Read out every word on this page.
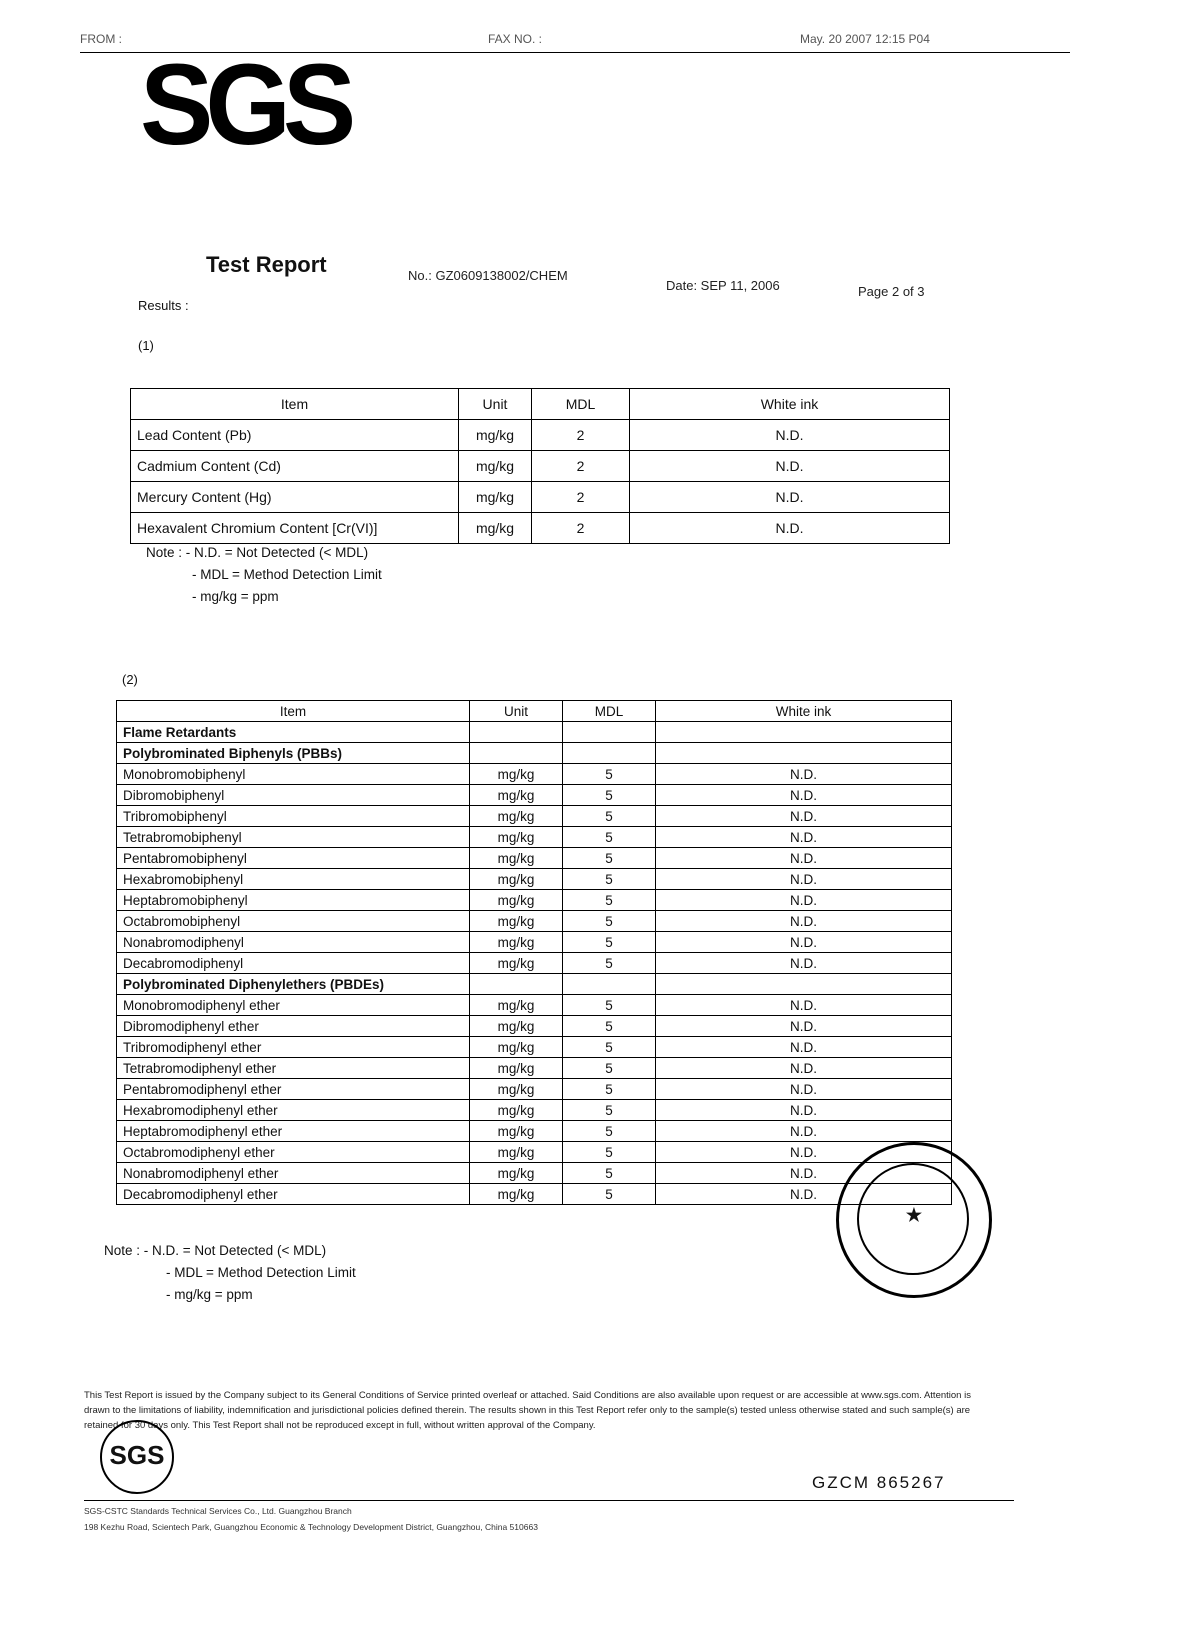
FROM :	FAX NO. :	May. 20 2007 12:15 P04
SGS
Test Report	No.: GZ0609138002/CHEM
Date: SEP 11, 2006	Page 2 of 3
Results :
(1)
Item	Unit	MDL	White ink
Lead Content (Pb)	mg/kg	2	N.D.
Cadmium Content (Cd)	mg/kg	2	N.D.
Mercury Content (Hg)	mg/kg	2	N.D.
Hexavalent Chromium Content [Cr(VI)]	mg/kg	2	N.D.
Note : - N.D. = Not Detected (< MDL)
- MDL = Method Detection Limit
- mg/kg = ppm
(2)
Item	Unit	MDL	White ink
Flame Retardants			
Polybrominated Biphenyls (PBBs)			
Monobromobiphenyl	mg/kg	5	N.D.
Dibromobiphenyl	mg/kg	5	N.D.
Tribromobiphenyl	mg/kg	5	N.D.
Tetrabromobiphenyl	mg/kg	5	N.D.
Pentabromobiphenyl	mg/kg	5	N.D.
Hexabromobiphenyl	mg/kg	5	N.D.
Heptabromobiphenyl	mg/kg	5	N.D.
Octabromobiphenyl	mg/kg	5	N.D.
Nonabromodiphenyl	mg/kg	5	N.D.
Decabromodiphenyl	mg/kg	5	N.D.
Polybrominated Diphenylethers (PBDEs)			
Monobromodiphenyl ether	mg/kg	5	N.D.
Dibromodiphenyl ether	mg/kg	5	N.D.
Tribromodiphenyl ether	mg/kg	5	N.D.
Tetrabromodiphenyl ether	mg/kg	5	N.D.
Pentabromodiphenyl ether	mg/kg	5	N.D.
Hexabromodiphenyl ether	mg/kg	5	N.D.
Heptabromodiphenyl ether	mg/kg	5	N.D.
Octabromodiphenyl ether	mg/kg	5	N.D.
Nonabromodiphenyl ether	mg/kg	5	N.D.
Decabromodiphenyl ether	mg/kg	5	N.D.
Note : - N.D. = Not Detected (< MDL)
- MDL = Method Detection Limit
- mg/kg = ppm
★
This Test Report is issued by the Company subject to its General Conditions of Service printed overleaf or attached. Said Conditions are also available upon request or are accessible at www.sgs.com. Attention is drawn to the limitations of liability, indemnification and jurisdictional policies defined therein. The results shown in this Test Report refer only to the sample(s) tested unless otherwise stated and such sample(s) are retained for 30 days only. This Test Report shall not be reproduced except in full, without written approval of the Company.
SGS
GZCM 865267
SGS-CSTC Standards Technical Services Co., Ltd. Guangzhou Branch
198 Kezhu Road, Scientech Park, Guangzhou Economic & Technology Development District, Guangzhou, China 510663
